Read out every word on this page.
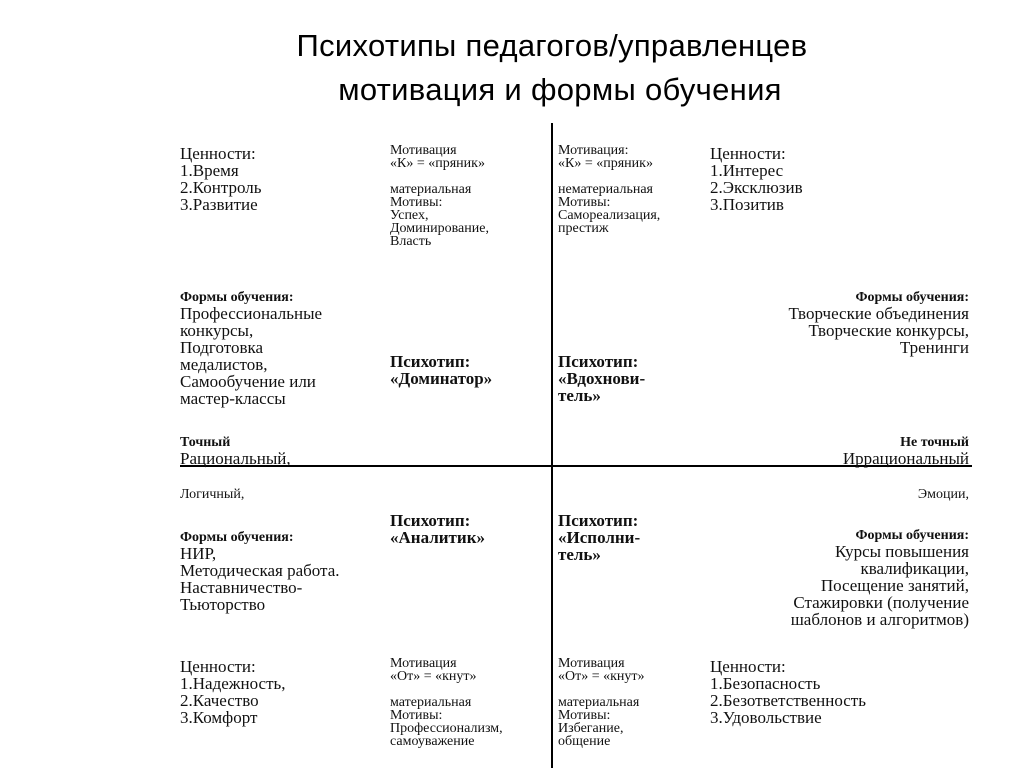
Психотипы педагогов/управленцев
мотивация и формы обучения
Ценности:
1.Время
2.Контроль
3.Развитие
Мотивация
«К» = «пряник»

материальная
Мотивы:
Успех,
Доминирование,
Власть
Формы обучения:
Профессиональные
конкурсы,
Подготовка
медалистов,
Самообучение или
мастер-классы
Психотип:
«Доминатор»
Точный
Рациональный,
Мотивация:
«К» = «пряник»

нематериальная
Мотивы:
Самореализация,
престиж
Ценности:
1.Интерес
2.Эксклюзив
3.Позитив
Формы обучения:
Творческие объединения
Творческие конкурсы,
Тренинги
Психотип:
«Вдохнови-
тель»
Не точный
Иррациональный
Логичный,
Формы обучения:
НИР,
Методическая работа.
Наставничество-
Тьюторство
Психотип:
«Аналитик»
Ценности:
1.Надежность,
2.Качество
3.Комфорт
Мотивация
«От» = «кнут»

материальная
Мотивы:
Профессионализм,
самоуважение
Эмоции,
Психотип:
«Исполни-
тель»
Формы обучения:
Курсы повышения
квалификации,
Посещение занятий,
Стажировки (получение
шаблонов и алгоритмов)
Мотивация
«От» = «кнут»

материальная
Мотивы:
Избегание,
общение
Ценности:
1.Безопасность
2.Безответственность
3.Удовольствие
